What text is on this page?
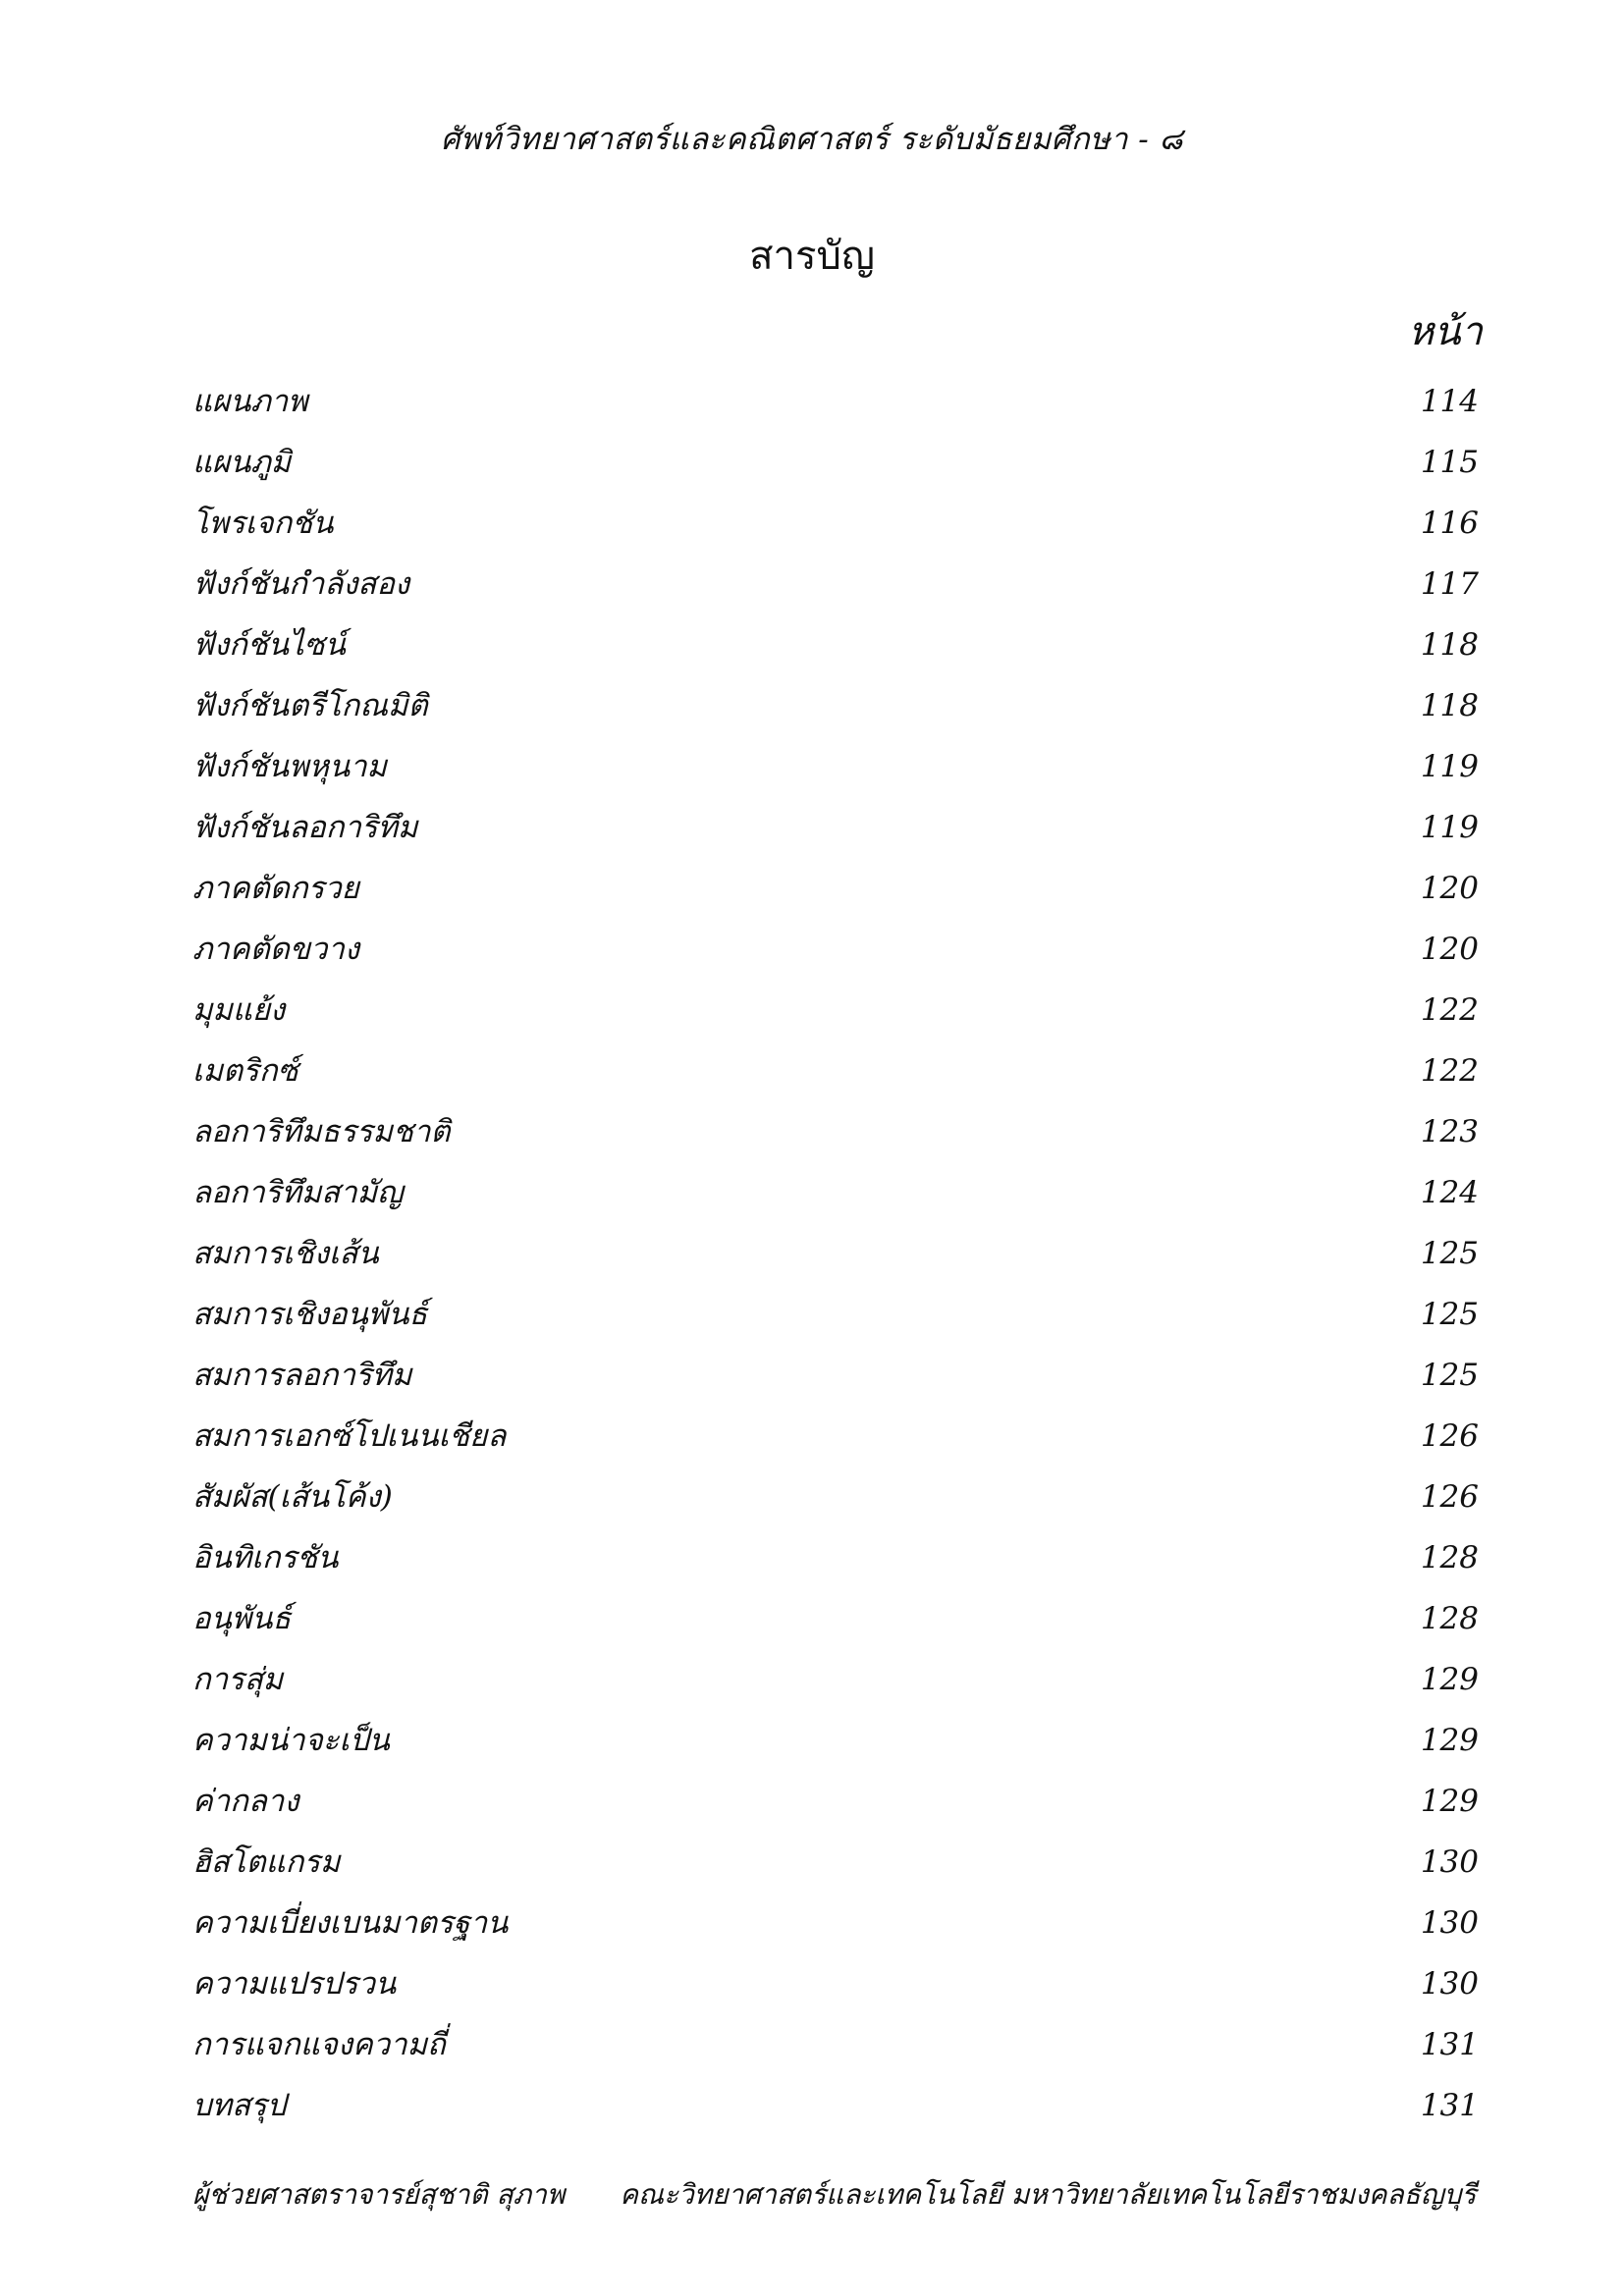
ศัพท์วิทยาศาสตร์และคณิตศาสตร์ ระดับมัธยมศึกษา - ๘
สารบัญ
หน้า
แผนภาพ	114
แผนภูมิ	115
โพรเจกชัน	116
ฟังก์ชันกำลังสอง	117
ฟังก์ชันไซน์	118
ฟังก์ชันตรีโกณมิติ	118
ฟังก์ชันพหุนาม	119
ฟังก์ชันลอการิทึม	119
ภาคตัดกรวย	120
ภาคตัดขวาง	120
มุมแย้ง	122
เมตริกซ์	122
ลอการิทึมธรรมชาติ	123
ลอการิทึมสามัญ	124
สมการเชิงเส้น	125
สมการเชิงอนุพันธ์	125
สมการลอการิทึม	125
สมการเอกซ์โปเนนเชียล	126
สัมผัส(เส้นโค้ง)	126
อินทิเกรชัน	128
อนุพันธ์	128
การสุ่ม	129
ความน่าจะเป็น	129
ค่ากลาง	129
ฮิสโตแกรม	130
ความเบี่ยงเบนมาตรฐาน	130
ความแปรปรวน	130
การแจกแจงความถี่	131
บทสรุป	131
ผู้ช่วยศาสตราจารย์สุชาติ สุภาพ คณะวิทยาศาสตร์และเทคโนโลยี มหาวิทยาลัยเทคโนโลยีราชมงคลธัญบุรี
